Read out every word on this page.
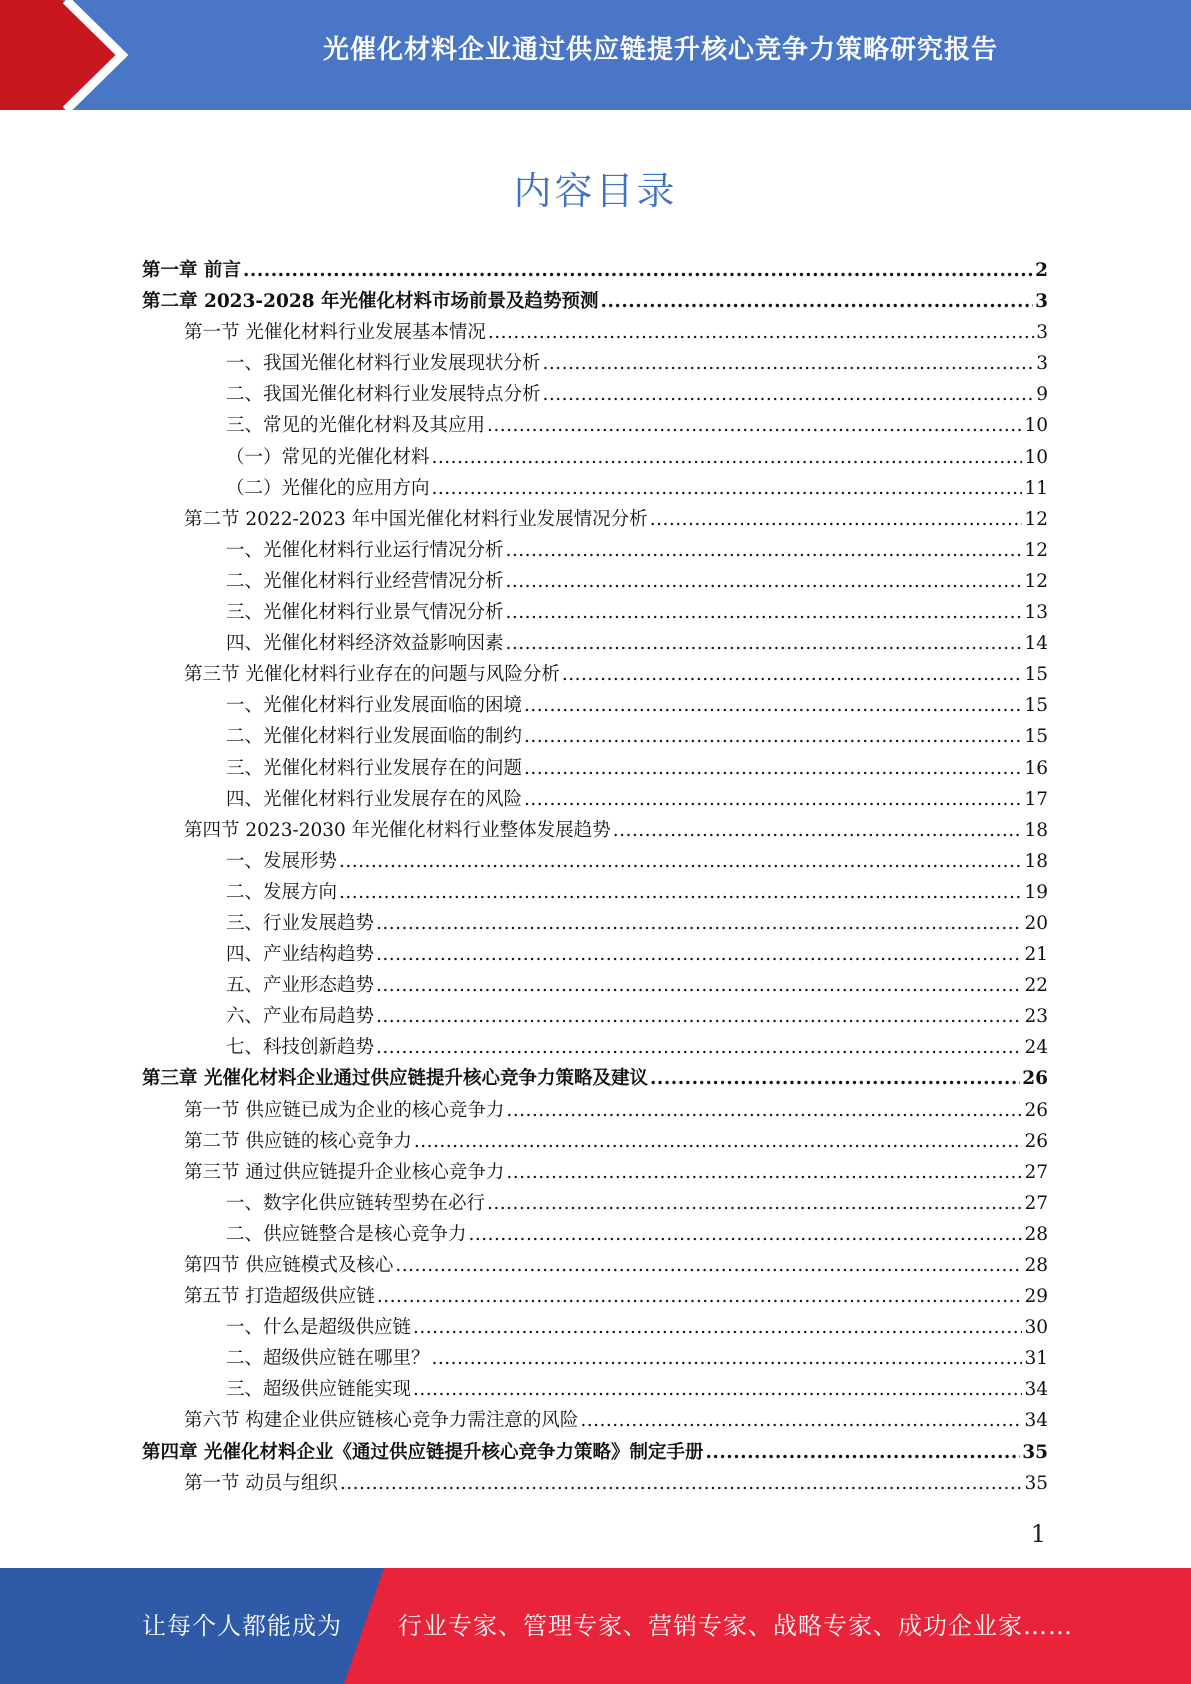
光催化材料企业通过供应链提升核心竞争力策略研究报告
内容目录
第一章 前言 .....	2
第二章 2023-2028 年光催化材料市场前景及趋势预测 .....	3
第一节 光催化材料行业发展基本情况 .....	3
一、我国光催化材料行业发展现状分析 .....	3
二、我国光催化材料行业发展特点分析 .....	9
三、常见的光催化材料及其应用 .....	10
（一）常见的光催化材料 .....	10
（二）光催化的应用方向 .....	11
第二节 2022-2023 年中国光催化材料行业发展情况分析 .....	12
一、光催化材料行业运行情况分析 .....	12
二、光催化材料行业经营情况分析 .....	12
三、光催化材料行业景气情况分析 .....	13
四、光催化材料经济效益影响因素 .....	14
第三节 光催化材料行业存在的问题与风险分析 .....	15
一、光催化材料行业发展面临的困境 .....	15
二、光催化材料行业发展面临的制约 .....	15
三、光催化材料行业发展存在的问题 .....	16
四、光催化材料行业发展存在的风险 .....	17
第四节 2023-2030 年光催化材料行业整体发展趋势 .....	18
一、发展形势 .....	18
二、发展方向 .....	19
三、行业发展趋势 .....	20
四、产业结构趋势 .....	21
五、产业形态趋势 .....	22
六、产业布局趋势 .....	23
七、科技创新趋势 .....	24
第三章 光催化材料企业通过供应链提升核心竞争力策略及建议 .....	26
第一节 供应链已成为企业的核心竞争力 .....	26
第二节 供应链的核心竞争力 .....	26
第三节 通过供应链提升企业核心竞争力 .....	27
一、数字化供应链转型势在必行 .....	27
二、供应链整合是核心竞争力 .....	28
第四节 供应链模式及核心 .....	28
第五节 打造超级供应链 .....	29
一、什么是超级供应链 .....	30
二、超级供应链在哪里？ .....	31
三、超级供应链能实现 .....	34
第六节 构建企业供应链核心竞争力需注意的风险 .....	34
第四章 光催化材料企业《通过供应链提升核心竞争力策略》制定手册 .....	35
第一节 动员与组织 .....	35
1
让每个人都能成为 行业专家、管理专家、营销专家、战略专家、成功企业家……
